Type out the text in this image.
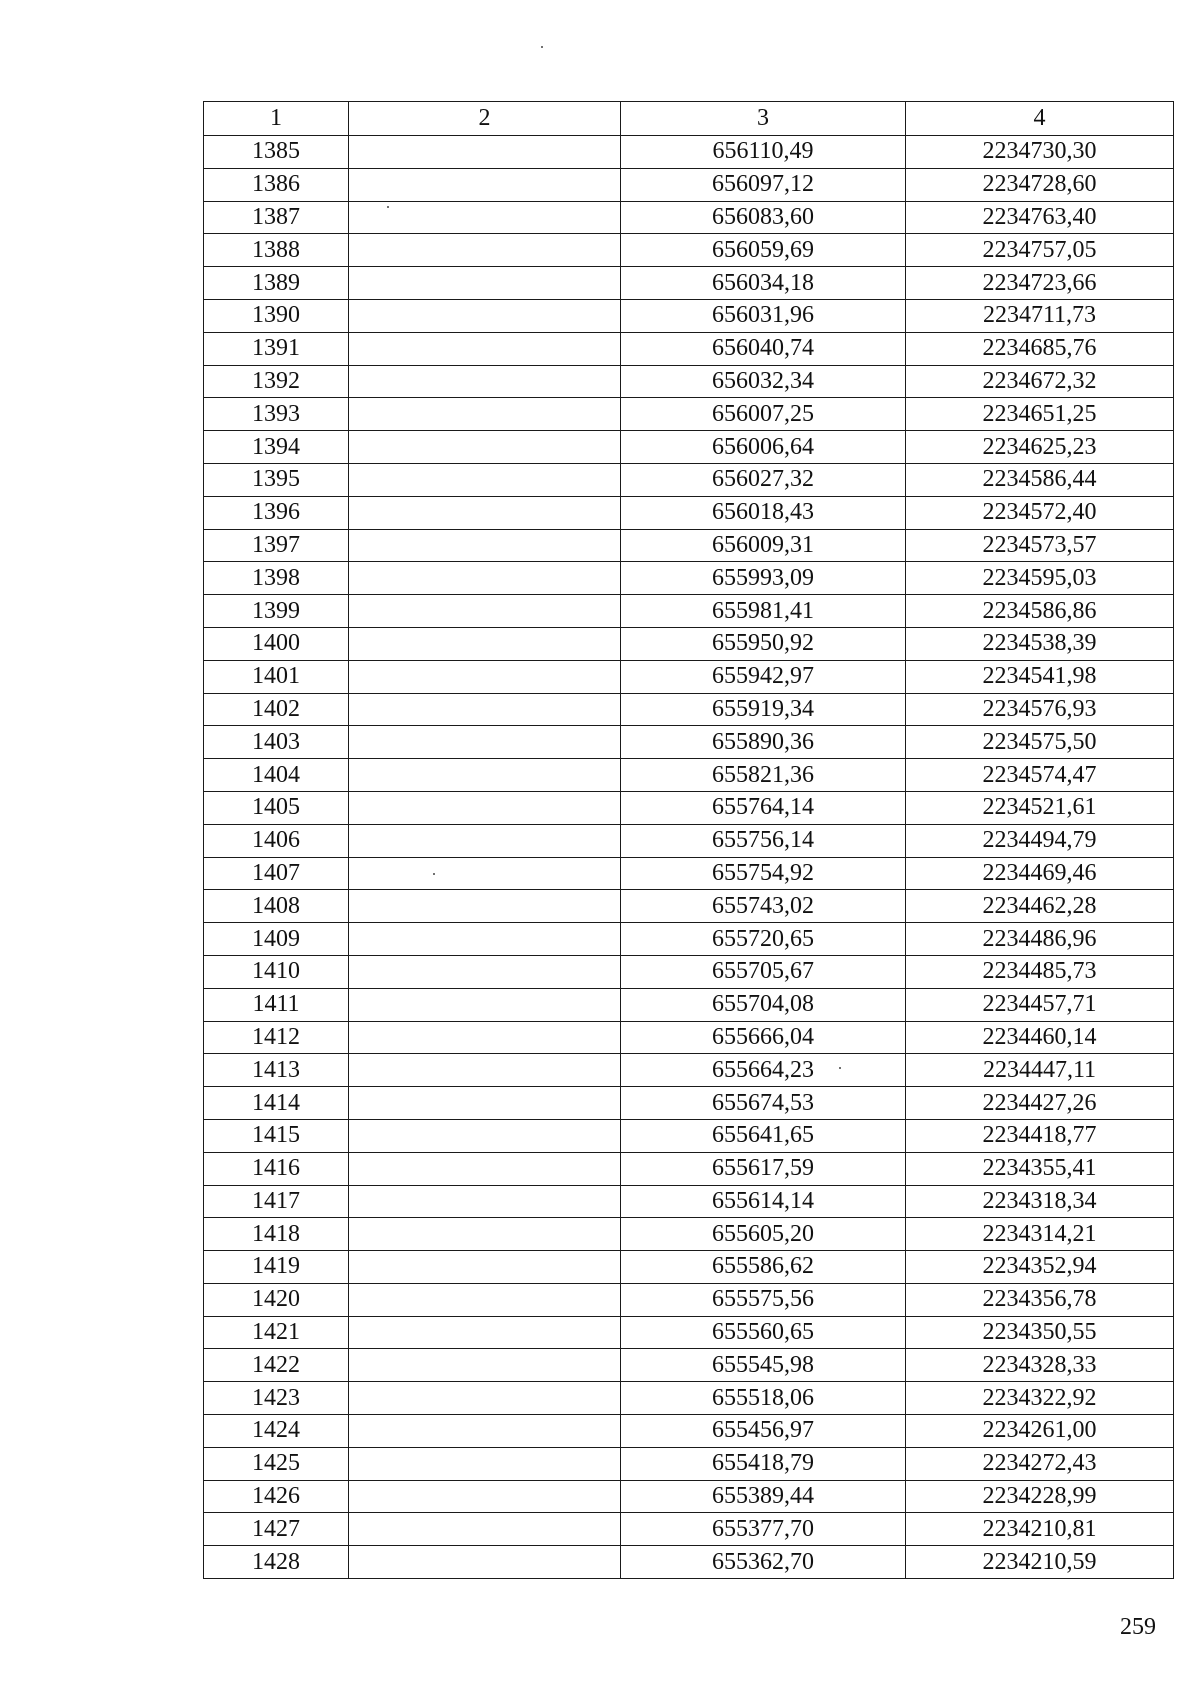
1	2	3	4
1385		656110,49	2234730,30
1386		656097,12	2234728,60
1387		656083,60	2234763,40
1388		656059,69	2234757,05
1389		656034,18	2234723,66
1390		656031,96	2234711,73
1391		656040,74	2234685,76
1392		656032,34	2234672,32
1393		656007,25	2234651,25
1394		656006,64	2234625,23
1395		656027,32	2234586,44
1396		656018,43	2234572,40
1397		656009,31	2234573,57
1398		655993,09	2234595,03
1399		655981,41	2234586,86
1400		655950,92	2234538,39
1401		655942,97	2234541,98
1402		655919,34	2234576,93
1403		655890,36	2234575,50
1404		655821,36	2234574,47
1405		655764,14	2234521,61
1406		655756,14	2234494,79
1407		655754,92	2234469,46
1408		655743,02	2234462,28
1409		655720,65	2234486,96
1410		655705,67	2234485,73
1411		655704,08	2234457,71
1412		655666,04	2234460,14
1413		655664,23	2234447,11
1414		655674,53	2234427,26
1415		655641,65	2234418,77
1416		655617,59	2234355,41
1417		655614,14	2234318,34
1418		655605,20	2234314,21
1419		655586,62	2234352,94
1420		655575,56	2234356,78
1421		655560,65	2234350,55
1422		655545,98	2234328,33
1423		655518,06	2234322,92
1424		655456,97	2234261,00
1425		655418,79	2234272,43
1426		655389,44	2234228,99
1427		655377,70	2234210,81
1428		655362,70	2234210,59
259
